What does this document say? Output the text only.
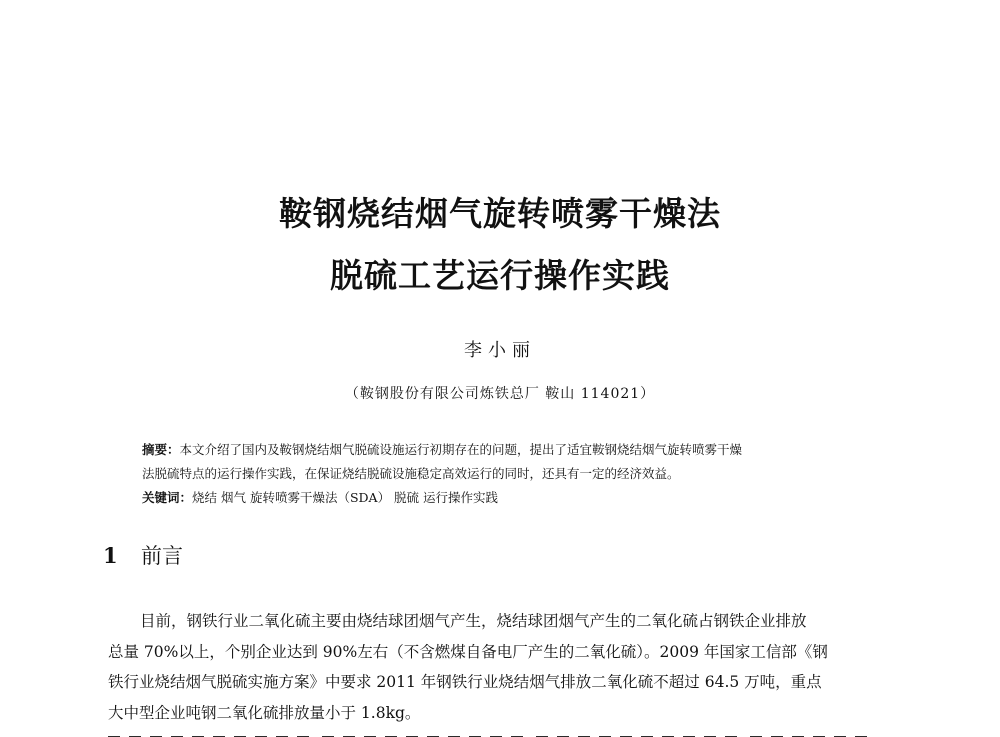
鞍钢烧结烟气旋转喷雾干燥法
脱硫工艺运行操作实践
李小丽
（鞍钢股份有限公司炼铁总厂 鞍山 114021）
摘要：本文介绍了国内及鞍钢烧结烟气脱硫设施运行初期存在的问题，提出了适宜鞍钢烧结烟气旋转喷雾干燥
法脱硫特点的运行操作实践，在保证烧结脱硫设施稳定高效运行的同时，还具有一定的经济效益。
关键词：烧结 烟气 旋转喷雾干燥法（SDA） 脱硫 运行操作实践
1 前言
目前，钢铁行业二氧化硫主要由烧结球团烟气产生，烧结球团烟气产生的二氧化硫占钢铁企业排放
总量 70%以上，个别企业达到 90%左右（不含燃煤自备电厂产生的二氧化硫）。2009 年国家工信部《钢
铁行业烧结烟气脱硫实施方案》中要求 2011 年钢铁行业烧结烟气排放二氧化硫不超过 64.5 万吨，重点
大中型企业吨钢二氧化硫排放量小于 1.8kg。
